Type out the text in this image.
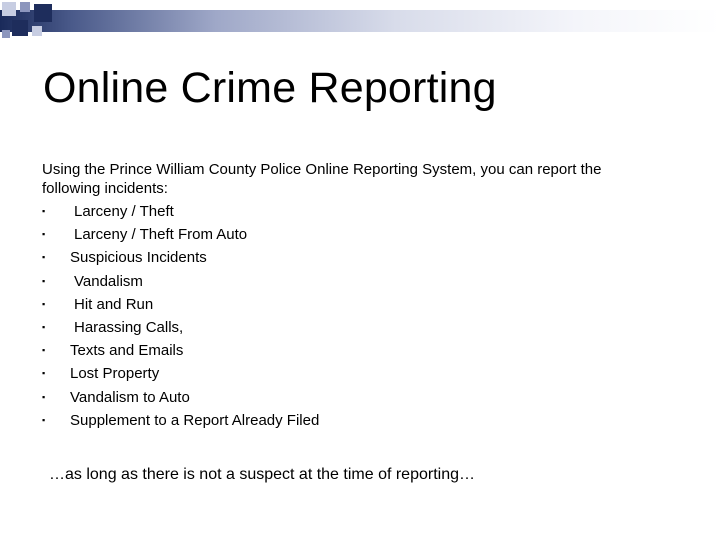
Online Crime Reporting

Using the Prince William County Police Online Reporting System, you can report the following incidents:

▪ Larceny / Theft
▪ Larceny / Theft From Auto
▪ Suspicious Incidents
▪ Vandalism
▪ Hit and Run
▪ Harassing Calls,
▪ Texts and Emails
▪ Lost Property
▪ Vandalism to Auto
▪ Supplement to a Report Already Filed

…as long as there is not a suspect at the time of reporting…
